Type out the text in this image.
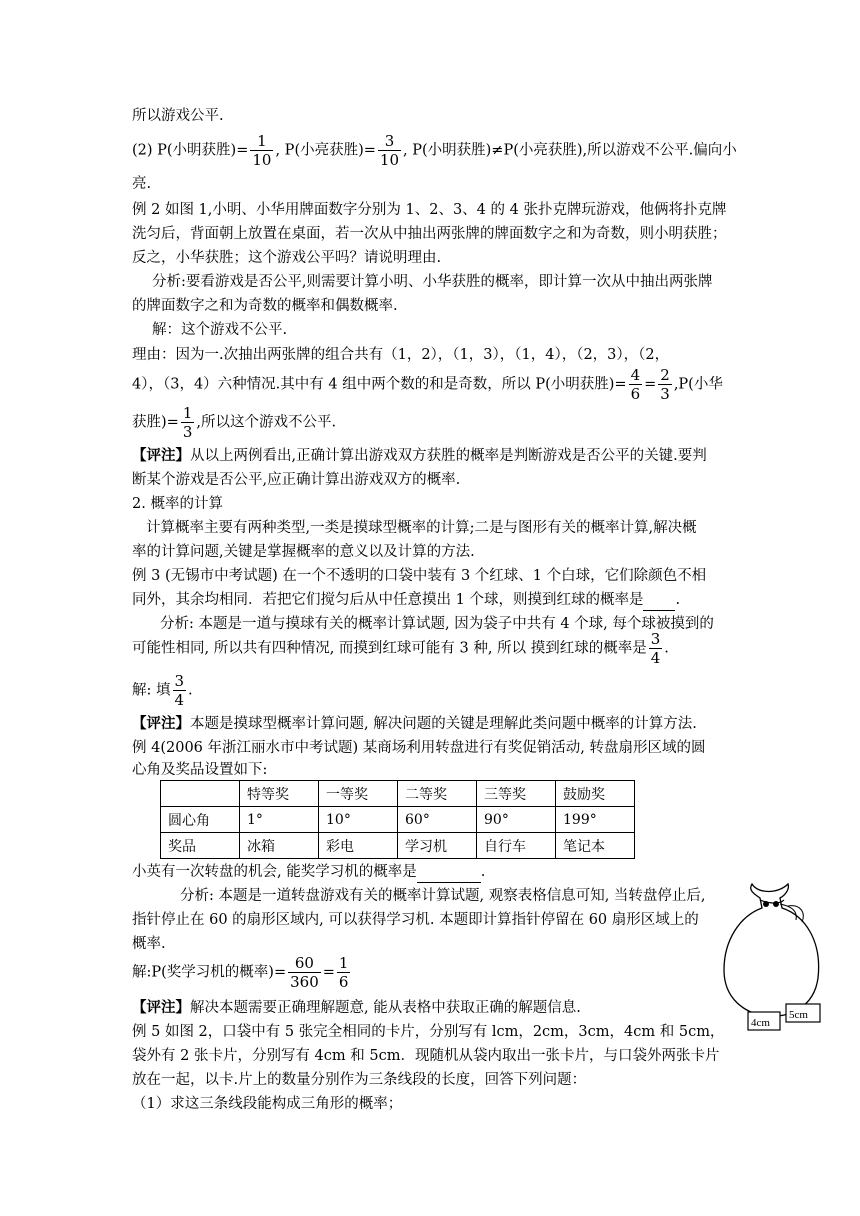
所以游戏公平.
(2) P(小明获胜)= $\frac{1}{10}$ , P(小亮获胜)= $\frac{3}{10}$ , P(小明获胜)≠P(小亮获胜),所以游戏不公平.偏向小
亮.
例 2 如图 1,小明、小华用牌面数字分别为 1、2、3、4 的 4 张扑克牌玩游戏，他俩将扑克牌
洗匀后，背面朝上放置在桌面，若一次从中抽出两张牌的牌面数字之和为奇数，则小明获胜；
反之，小华获胜；这个游戏公平吗？请说明理由.
分析:要看游戏是否公平,则需要计算小明、小华获胜的概率，即计算一次从中抽出两张牌
的牌面数字之和为奇数的概率和偶数概率.
解：这个游戏不公平.
理由：因为一.次抽出两张牌的组合共有（1，2），（1，3），（1，4），（2，3），（2，
4），（3，4）六种情况.其中有 4 组中两个数的和是奇数，所以 P(小明获胜)= $\frac{4}{6} = \frac{2}{3} ,P$(小华
获胜)= $\frac{1}{3}$ ,所以这个游戏不公平.
【评注】从以上两例看出,正确计算出游戏双方获胜的概率是判断游戏是否公平的关键.要判
断某个游戏是否公平,应正确计算出游戏双方的概率.
2. 概率的计算
计算概率主要有两种类型,一类是摸球型概率的计算;二是与图形有关的概率计算,解决概
率的计算问题,关键是掌握概率的意义以及计算的方法.
例 3 (无锡市中考试题) 在一个不透明的口袋中装有 3 个红球、1 个白球，它们除颜色不相
同外，其余均相同．若把它们搅匀后从中任意摸出 1 个球，则摸到红球的概率是 .
分析: 本题是一道与摸球有关的概率计算试题, 因为袋子中共有 4 个球, 每个球被摸到的
可能性相同, 所以共有四种情况, 而摸到红球可能有 3 种, 所以 摸到红球的概率是 $\frac{3}{4}$ .
解: 填 $\frac{3}{4}$ .
【评注】本题是摸球型概率计算问题, 解决问题的关键是理解此类问题中概率的计算方法.
例 4(2006 年浙江丽水市中考试题) 某商场利用转盘进行有奖促销活动, 转盘扇形区域的圆
心角及奖品设置如下:
	特等奖	一等奖	二等奖	三等奖	鼓励奖
圆心角	1°	10°	60°	90°	199°
奖品	冰箱	彩电	学习机	自行车	笔记本
小英有一次转盘的机会, 能奖学习机的概率是	.
分析: 本题是一道转盘游戏有关的概率计算试题, 观察表格信息可知, 当转盘停止后,
指针停止在 60 的扇形区域内, 可以获得学习机. 本题即计算指针停留在 60 扇形区域上的
概率.
解:P(奖学习机的概率)= $\frac{60}{360} = \frac{1}{6}$
【评注】解决本题需要正确理解题意, 能从表格中获取正确的解题信息.
例 5 如图 2，口袋中有 5 张完全相同的卡片，分别写有 lcm，2cm，3cm，4cm 和 5cm，
袋外有 2 张卡片，分别写有 4cm 和 5cm．现随机从袋内取出一张卡片，与口袋外两张卡片
放在一起，以卡.片上的数量分别作为三条线段的长度，回答下列问题：
（1）求这三条线段能构成三角形的概率；
4cm
5cm
